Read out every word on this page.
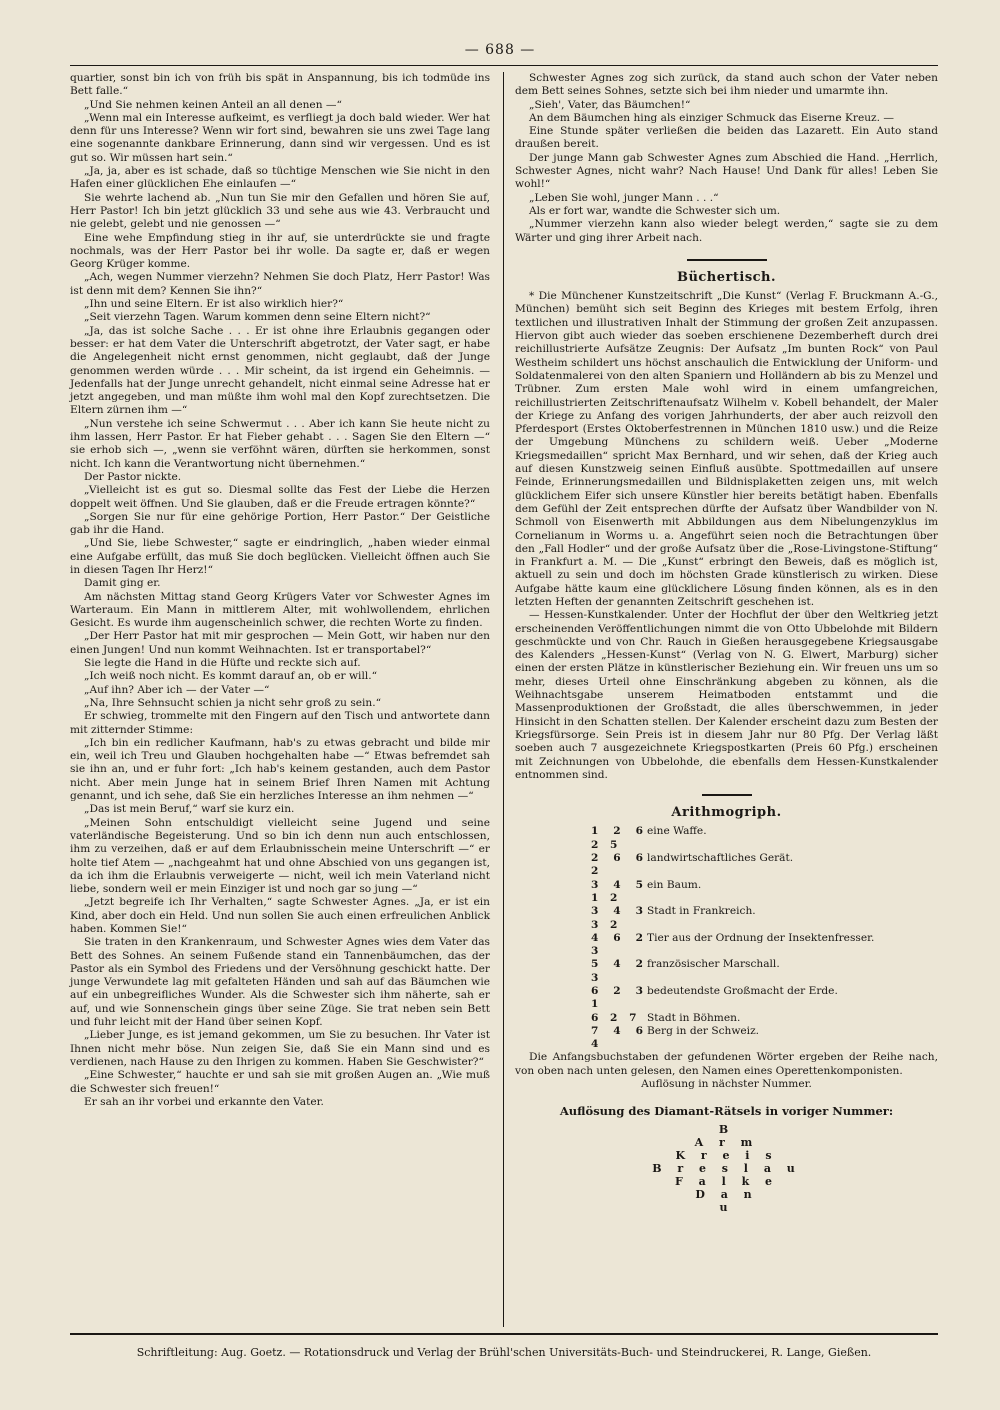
— 688 —

quartier, sonst bin ich von früh bis spät in Anspannung, bis ich todmüde ins Bett falle.“

„Und Sie nehmen keinen Anteil an all denen —“

„Wenn mal ein Interesse aufkeimt, es verfliegt ja doch bald wieder. Wer hat denn für uns Interesse? Wenn wir fort sind, bewahren sie uns zwei Tage lang eine sogenannte dankbare Erinnerung, dann sind wir vergessen. Und es ist gut so. Wir müssen hart sein.“

„Ja, ja, aber es ist schade, daß so tüchtige Menschen wie Sie nicht in den Hafen einer glücklichen Ehe einlaufen —“

Sie wehrte lachend ab. „Nun tun Sie mir den Gefallen und hören Sie auf, Herr Pastor! Ich bin jetzt glücklich 33 und sehe aus wie 43. Verbraucht und nie gelebt, gelebt und nie genossen —“

Eine wehe Empfindung stieg in ihr auf, sie unterdrückte sie und fragte nochmals, was der Herr Pastor bei ihr wolle. Da sagte er, daß er wegen Georg Krüger komme.

„Ach, wegen Nummer vierzehn? Nehmen Sie doch Platz, Herr Pastor! Was ist denn mit dem? Kennen Sie ihn?“

„Ihn und seine Eltern. Er ist also wirklich hier?“

„Seit vierzehn Tagen. Warum kommen denn seine Eltern nicht?“

„Ja, das ist solche Sache . . . Er ist ohne ihre Erlaubnis gegangen oder besser: er hat dem Vater die Unterschrift abgetrotzt, der Vater sagt, er habe die Angelegenheit nicht ernst genommen, nicht geglaubt, daß der Junge genommen werden würde . . . Mir scheint, da ist irgend ein Geheimnis. — Jedenfalls hat der Junge unrecht gehandelt, nicht einmal seine Adresse hat er jetzt angegeben, und man müßte ihm wohl mal den Kopf zurechtsetzen. Die Eltern zürnen ihm —“

„Nun verstehe ich seine Schwermut . . . Aber ich kann Sie heute nicht zu ihm lassen, Herr Pastor. Er hat Fieber gehabt . . . Sagen Sie den Eltern —“ sie erhob sich —, „wenn sie verföhnt wären, dürften sie herkommen, sonst nicht. Ich kann die Verantwortung nicht übernehmen.“

Der Pastor nickte.

„Vielleicht ist es gut so. Diesmal sollte das Fest der Liebe die Herzen doppelt weit öffnen. Und Sie glauben, daß er die Freude ertragen könnte?“

„Sorgen Sie nur für eine gehörige Portion, Herr Pastor.“ Der Geistliche gab ihr die Hand.

„Und Sie, liebe Schwester,“ sagte er eindringlich, „haben wieder einmal eine Aufgabe erfüllt, das muß Sie doch beglücken. Vielleicht öffnen auch Sie in diesen Tagen Ihr Herz!“

Damit ging er.

Am nächsten Mittag stand Georg Krügers Vater vor Schwester Agnes im Warteraum. Ein Mann in mittlerem Alter, mit wohlwollendem, ehrlichen Gesicht. Es wurde ihm augenscheinlich schwer, die rechten Worte zu finden.

„Der Herr Pastor hat mit mir gesprochen — Mein Gott, wir haben nur den einen Jungen! Und nun kommt Weihnachten. Ist er transportabel?“

Sie legte die Hand in die Hüfte und reckte sich auf.

„Ich weiß noch nicht. Es kommt darauf an, ob er will.“

„Auf ihn? Aber ich — der Vater —“

„Na, Ihre Sehnsucht schien ja nicht sehr groß zu sein.“

Er schwieg, trommelte mit den Fingern auf den Tisch und antwortete dann mit zitternder Stimme:

„Ich bin ein redlicher Kaufmann, hab's zu etwas gebracht und bilde mir ein, weil ich Treu und Glauben hochgehalten habe —“ Etwas befremdet sah sie ihn an, und er fuhr fort: „Ich hab's keinem gestanden, auch dem Pastor nicht. Aber mein Junge hat in seinem Brief Ihren Namen mit Achtung genannt, und ich sehe, daß Sie ein herzliches Interesse an ihm nehmen —“

„Das ist mein Beruf,“ warf sie kurz ein.

„Meinen Sohn entschuldigt vielleicht seine Jugend und seine vaterländische Begeisterung. Und so bin ich denn nun auch entschlossen, ihm zu verzeihen, daß er auf dem Erlaubnisschein meine Unterschrift —“ er holte tief Atem — „nachgeahmt hat und ohne Abschied von uns gegangen ist, da ich ihm die Erlaubnis verweigerte — nicht, weil ich mein Vaterland nicht liebe, sondern weil er mein Einziger ist und noch gar so jung —“

„Jetzt begreife ich Ihr Verhalten,“ sagte Schwester Agnes. „Ja, er ist ein Kind, aber doch ein Held. Und nun sollen Sie auch einen erfreulichen Anblick haben. Kommen Sie!“

Sie traten in den Krankenraum, und Schwester Agnes wies dem Vater das Bett des Sohnes. An seinem Fußende stand ein Tannenbäumchen, das der Pastor als ein Symbol des Friedens und der Versöhnung geschickt hatte. Der junge Verwundete lag mit gefalteten Händen und sah auf das Bäumchen wie auf ein unbegreifliches Wunder. Als die Schwester sich ihm näherte, sah er auf, und wie Sonnenschein gings über seine Züge. Sie trat neben sein Bett und fuhr leicht mit der Hand über seinen Kopf.

„Lieber Junge, es ist jemand gekommen, um Sie zu besuchen. Ihr Vater ist Ihnen nicht mehr böse. Nun zeigen Sie, daß Sie ein Mann sind und es verdienen, nach Hause zu den Ihrigen zu kommen. Haben Sie Geschwister?“

„Eine Schwester,“ hauchte er und sah sie mit großen Augen an. „Wie muß die Schwester sich freuen!“

Er sah an ihr vorbei und erkannte den Vater.

Schwester Agnes zog sich zurück, da stand auch schon der Vater neben dem Bett seines Sohnes, setzte sich bei ihm nieder und umarmte ihn.

„Sieh', Vater, das Bäumchen!“

An dem Bäumchen hing als einziger Schmuck das Eiserne Kreuz. —

Eine Stunde später verließen die beiden das Lazarett. Ein Auto stand draußen bereit.

Der junge Mann gab Schwester Agnes zum Abschied die Hand. „Herrlich, Schwester Agnes, nicht wahr? Nach Hause! Und Dank für alles! Leben Sie wohl!“

„Leben Sie wohl, junger Mann . . .“

Als er fort war, wandte die Schwester sich um.

„Nummer vierzehn kann also wieder belegt werden,“ sagte sie zu dem Wärter und ging ihrer Arbeit nach.

Büchertisch.

* Die Münchener Kunstzeitschrift „Die Kunst“ (Verlag F. Bruckmann A.-G., München) bemüht sich seit Beginn des Krieges mit bestem Erfolg, ihren textlichen und illustrativen Inhalt der Stimmung der großen Zeit anzupassen. Hiervon gibt auch wieder das soeben erschienene Dezemberheft durch drei reichillustrierte Aufsätze Zeugnis: Der Aufsatz „Im bunten Rock“ von Paul Westheim schildert uns höchst anschaulich die Entwicklung der Uniform- und Soldatenmalerei von den alten Spaniern und Holländern ab bis zu Menzel und Trübner. Zum ersten Male wohl wird in einem umfangreichen, reichillustrierten Zeitschriftenaufsatz Wilhelm v. Kobell behandelt, der Maler der Kriege zu Anfang des vorigen Jahrhunderts, der aber auch reizvoll den Pferdesport (Erstes Oktoberfestrennen in München 1810 usw.) und die Reize der Umgebung Münchens zu schildern weiß. Ueber „Moderne Kriegsmedaillen“ spricht Max Bernhard, und wir sehen, daß der Krieg auch auf diesen Kunstzweig seinen Einfluß ausübte. Spottmedaillen auf unsere Feinde, Erinnerungsmedaillen und Bildnisplaketten zeigen uns, mit welch glücklichem Eifer sich unsere Künstler hier bereits betätigt haben. Ebenfalls dem Gefühl der Zeit entsprechen dürfte der Aufsatz über Wandbilder von N. Schmoll von Eisenwerth mit Abbildungen aus dem Nibelungenzyklus im Cornelianum in Worms u. a. Angeführt seien noch die Betrachtungen über den „Fall Hodler“ und der große Aufsatz über die „Rose-Livingstone-Stiftung“ in Frankfurt a. M. — Die „Kunst“ erbringt den Beweis, daß es möglich ist, aktuell zu sein und doch im höchsten Grade künstlerisch zu wirken. Diese Aufgabe hätte kaum eine glücklichere Lösung finden können, als es in den letzten Heften der genannten Zeitschrift geschehen ist.

— Hessen-Kunstkalender. Unter der Hochflut der über den Weltkrieg jetzt erscheinenden Veröffentlichungen nimmt die von Otto Ubbelohde mit Bildern geschmückte und von Chr. Rauch in Gießen herausgegebene Kriegsausgabe des Kalenders „Hessen-Kunst“ (Verlag von N. G. Elwert, Marburg) sicher einen der ersten Plätze in künstlerischer Beziehung ein. Wir freuen uns um so mehr, dieses Urteil ohne Einschränkung abgeben zu können, als die Weihnachtsgabe unserem Heimatboden entstammt und die Massenproduktionen der Großstadt, die alles überschwemmen, in jeder Hinsicht in den Schatten stellen. Der Kalender erscheint dazu zum Besten der Kriegsfürsorge. Sein Preis ist in diesem Jahr nur 80 Pfg. Der Verlag läßt soeben auch 7 ausgezeichnete Kriegspostkarten (Preis 60 Pfg.) erscheinen mit Zeichnungen von Ubbelohde, die ebenfalls dem Hessen-Kunstkalender entnommen sind.

Arithmogriph.
1 2 6 2 5
eine Waffe.
2 6 6 2
landwirtschaftliches Gerät.
3 4 5 1 2
ein Baum.
3 4 3 3 2
Stadt in Frankreich.
4 6 2 3
Tier aus der Ordnung der Insektenfresser.
5 4 2 3
französischer Marschall.
6 2 3 1
bedeutendste Großmacht der Erde.
6 2 7 Stadt in Böhmen.
7 4 6 4
Berg in der Schweiz.

Die Anfangsbuchstaben der gefundenen Wörter ergeben der Reihe nach, von oben nach unten gelesen, den Namen eines Operettenkomponisten.

Auflösung in nächster Nummer.
Auflösung des Diamant-Rätsels in voriger Nummer:
B
A r m
K r e i s
B r e s l a u
F a l k e
D a n
u
Schriftleitung: Aug. Goetz. — Rotationsdruck und Verlag der Brühl'schen Universitäts-Buch- und Steindruckerei, R. Lange, Gießen.
